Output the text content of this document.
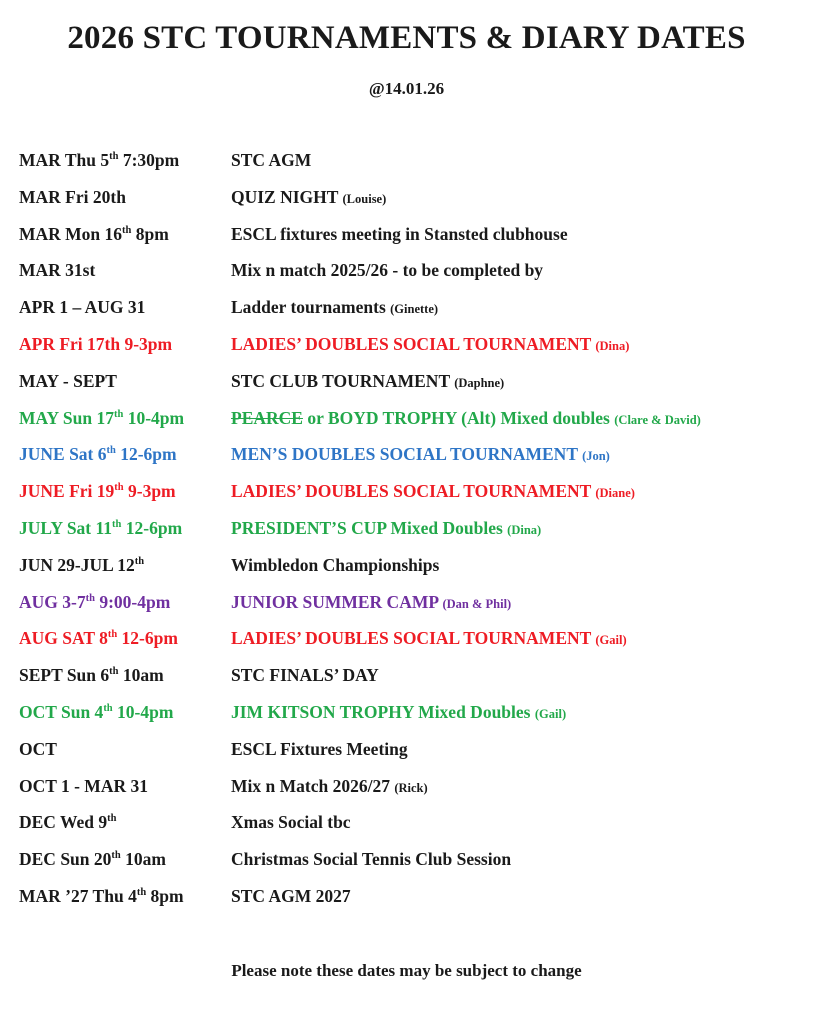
2026 STC TOURNAMENTS & DIARY DATES
@14.01.26
MAR Thu 5th 7:30pm	STC AGM
MAR Fri 20th	QUIZ NIGHT (Louise)
MAR Mon 16th 8pm	ESCL fixtures meeting in Stansted clubhouse
MAR 31st	Mix n match 2025/26 - to be completed by
APR 1 – AUG 31	Ladder tournaments (Ginette)
APR Fri 17th 9-3pm	LADIES’ DOUBLES SOCIAL TOURNAMENT (Dina)
MAY - SEPT	STC CLUB TOURNAMENT (Daphne)
MAY Sun 17th 10-4pm	PEARCE or BOYD TROPHY (Alt) Mixed doubles (Clare & David)
JUNE Sat 6th 12-6pm	MEN’S DOUBLES SOCIAL TOURNAMENT (Jon)
JUNE Fri 19th 9-3pm	LADIES’ DOUBLES SOCIAL TOURNAMENT (Diane)
JULY Sat 11th 12-6pm	PRESIDENT’S CUP Mixed Doubles (Dina)
JUN 29-JUL 12th	Wimbledon Championships
AUG 3-7th 9:00-4pm	JUNIOR SUMMER CAMP (Dan & Phil)
AUG SAT 8th 12-6pm	LADIES’ DOUBLES SOCIAL TOURNAMENT (Gail)
SEPT Sun 6th 10am	STC FINALS’ DAY
OCT Sun 4th 10-4pm	JIM KITSON TROPHY Mixed Doubles (Gail)
OCT	ESCL Fixtures Meeting
OCT 1 - MAR 31	Mix n Match 2026/27 (Rick)
DEC Wed 9th	Xmas Social tbc
DEC Sun 20th 10am	Christmas Social Tennis Club Session
MAR ’27 Thu 4th 8pm	STC AGM 2027
Please note these dates may be subject to change
